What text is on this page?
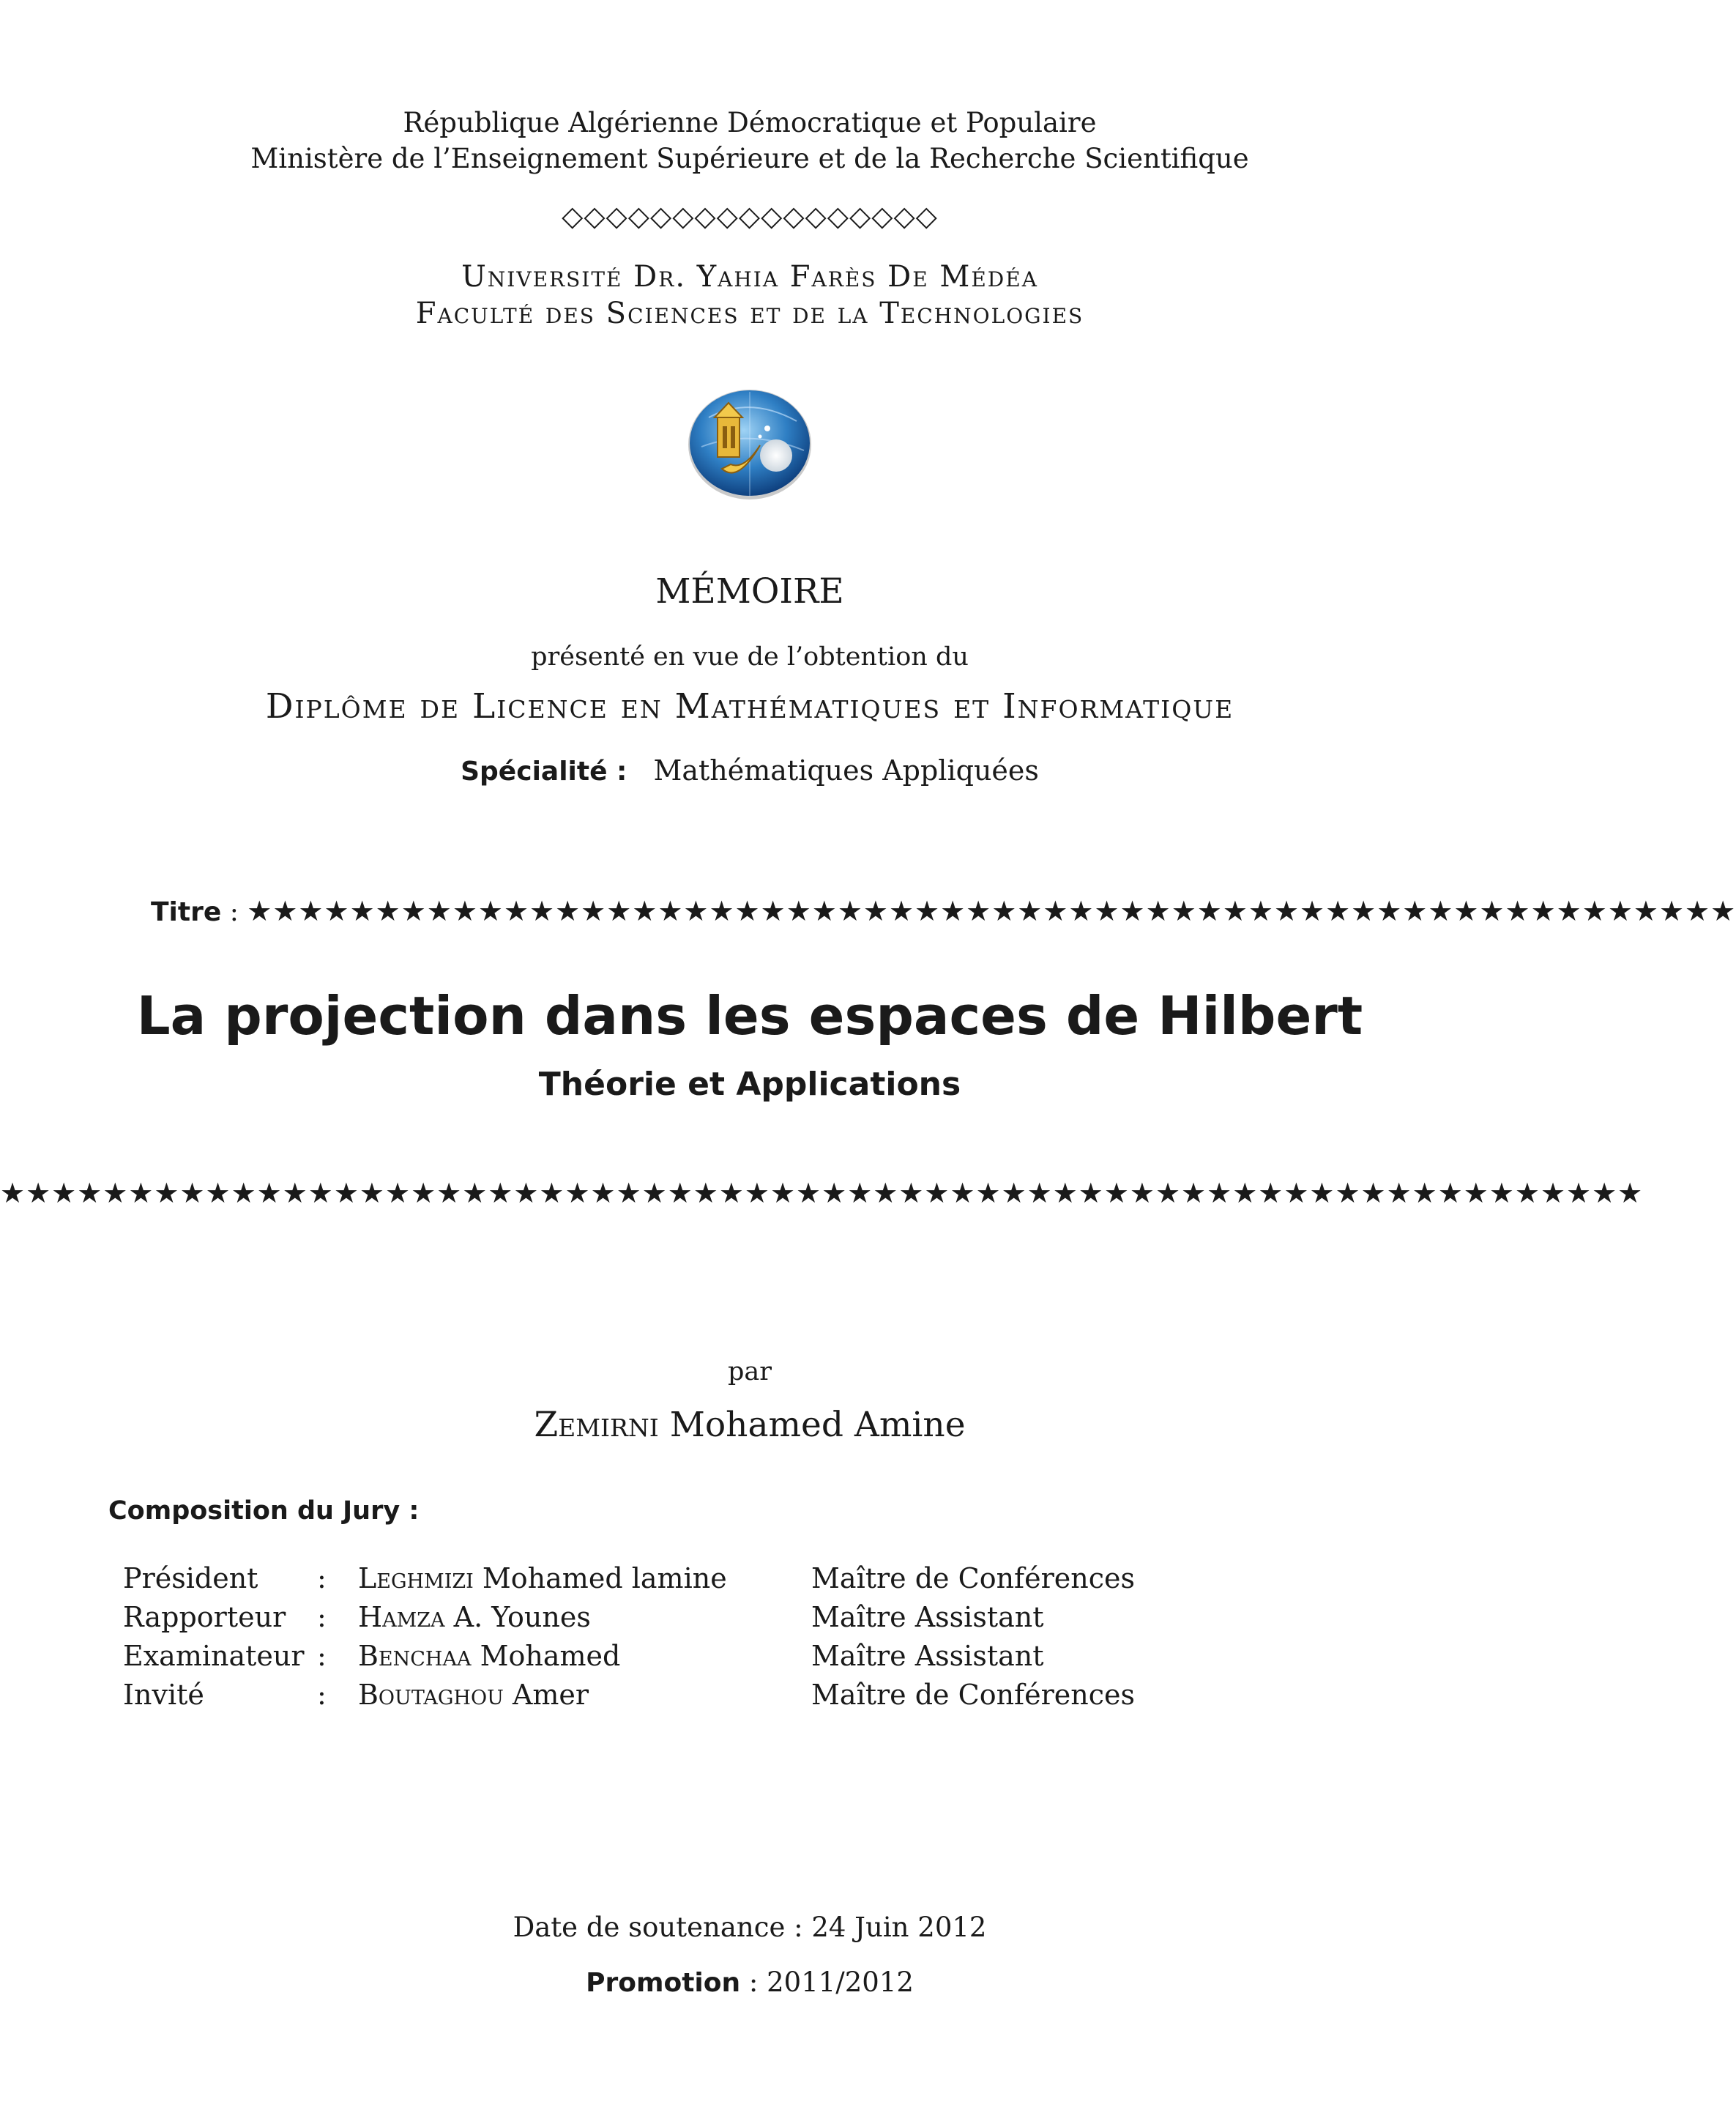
République Algérienne Démocratique et Populaire
Ministère de l’Enseignement Supérieure et de la Recherche Scientifique
◇◇◇◇◇◇◇◇◇◇◇◇◇◇◇◇◇
Université Dr. Yahia Farès De Médéa
Faculté des Sciences et de la Technologies
MÉMOIRE
présenté en vue de l’obtention du
Diplôme de Licence en Mathématiques et Informatique
Spécialité : Mathématiques Appliquées
Titre : ★★★★★★★★★★★★★★★★★★★★★★★★★★★★★★★★★★★★★★★★★★★★★★★★★★★★★★★★★★
La projection dans les espaces de Hilbert
Théorie et Applications
★★★★★★★★★★★★★★★★★★★★★★★★★★★★★★★★★★★★★★★★★★★★★★★★★★★★★★★★★★★★★★★★
par
Zemirni Mohamed Amine
Composition du Jury :
Président : Leghmizi Mohamed lamine	Maître de Conférences
Rapporteur : Hamza A. Younes	Maître Assistant
Examinateur : Benchaa Mohamed	Maître Assistant
Invité	: Boutaghou Amer	Maître de Conférences
Date de soutenance : 24 Juin 2012
Promotion : 2011/2012
